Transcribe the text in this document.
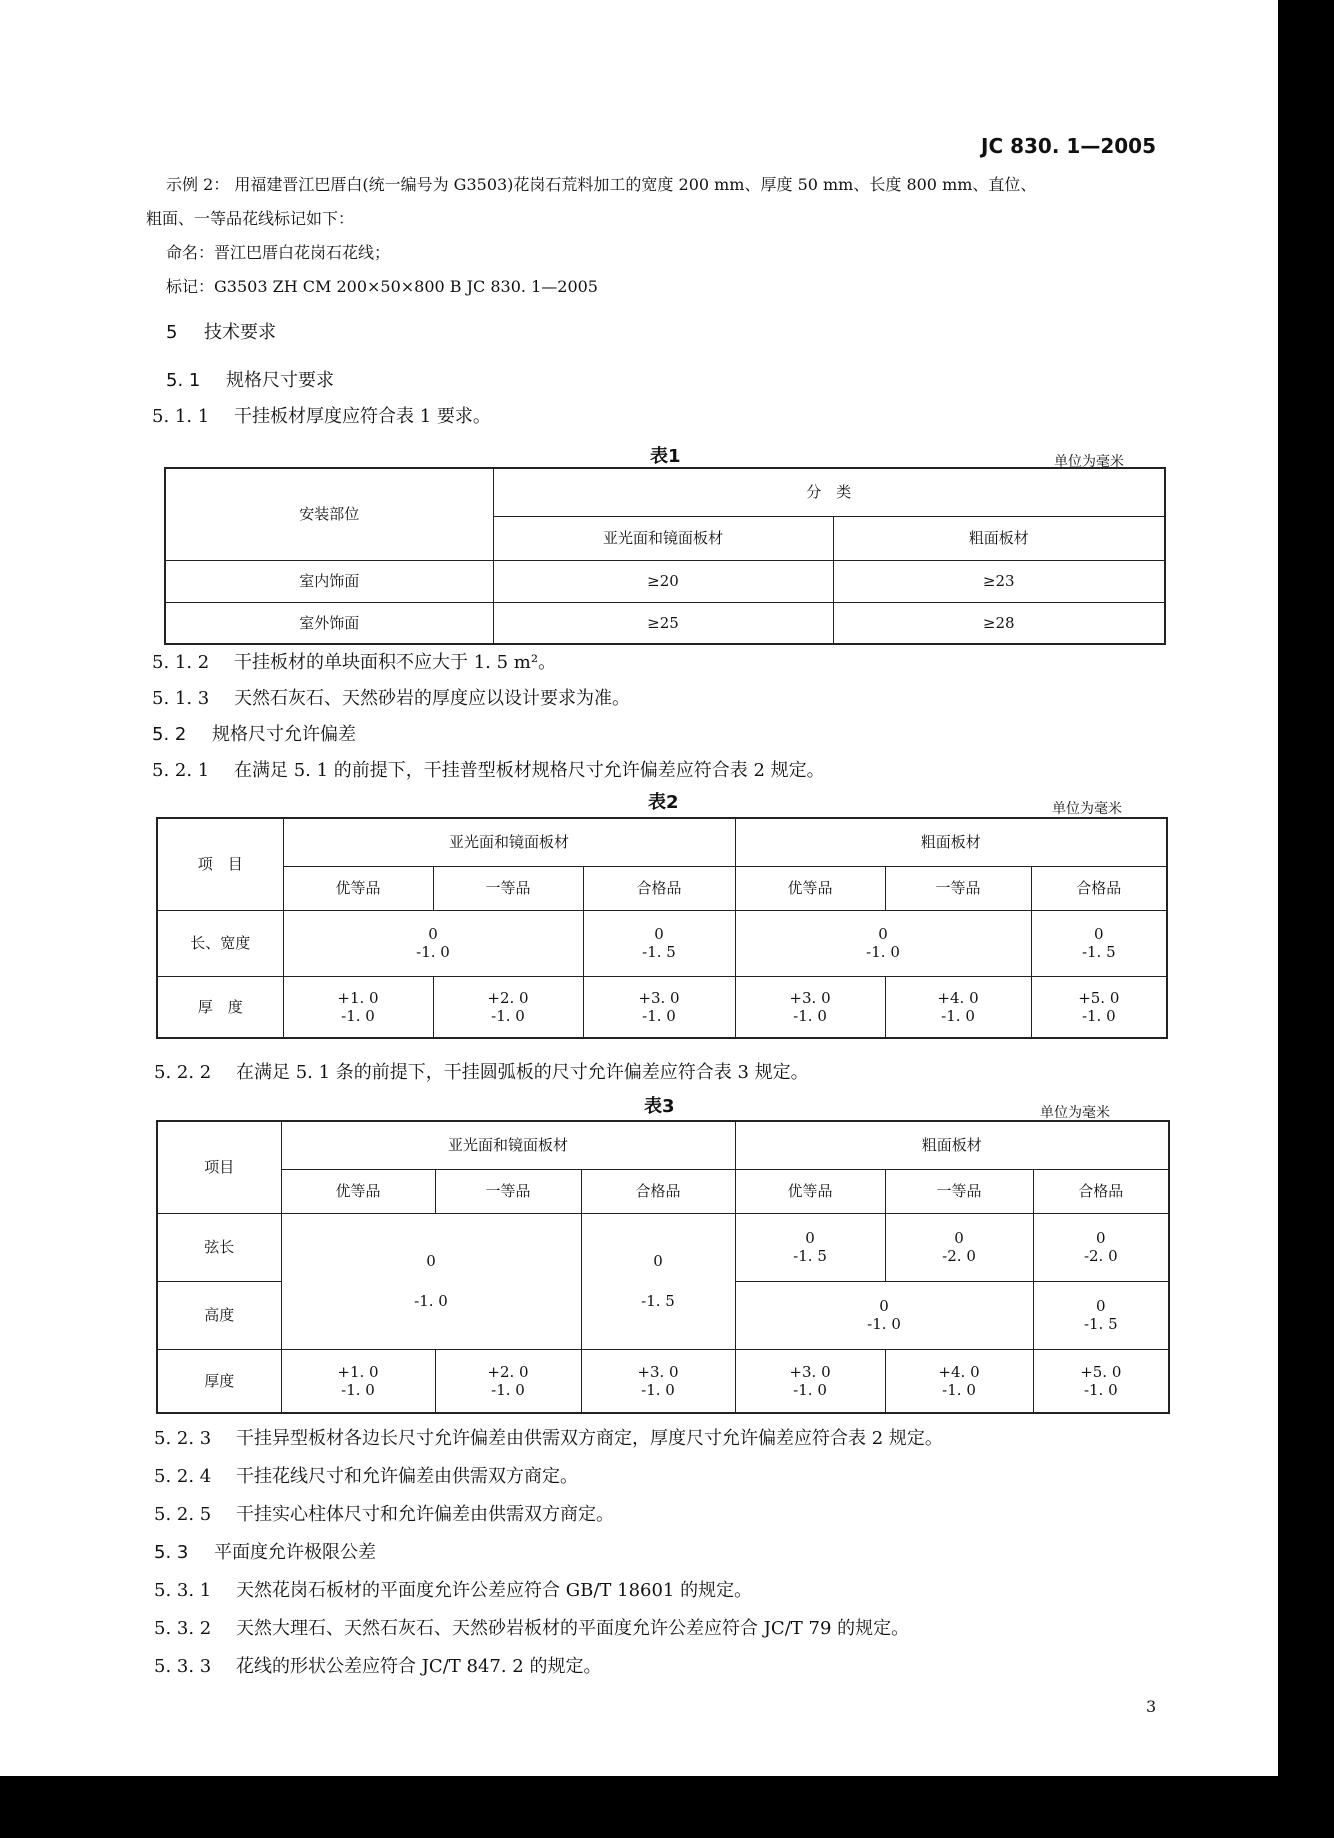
JC 830. 1—2005
示例 2： 用福建晋江巴厝白(统一编号为 G3503)花岗石荒料加工的宽度 200 mm、厚度 50 mm、长度 800 mm、直位、
粗面、一等品花线标记如下：
命名：晋江巴厝白花岗石花线；
标记：G3503 ZH CM 200×50×800 B JC 830. 1—2005
5 技术要求
5. 1 规格尺寸要求
5. 1. 1 干挂板材厚度应符合表 1 要求。
表1	单位为毫米
安装部位	分　类	
	亚光面和镜面板材	粗面板材
室内饰面	≥20	≥23
室外饰面	≥25	≥28
5. 1. 2 干挂板材的单块面积不应大于 1. 5 m²。
5. 1. 3 天然石灰石、天然砂岩的厚度应以设计要求为准。
5. 2 规格尺寸允许偏差
5. 2. 1 在满足 5. 1 的前提下，干挂普型板材规格尺寸允许偏差应符合表 2 规定。
表2	单位为毫米
项　目	亚光面和镜面板材			粗面板材		
	优等品	一等品	合格品	优等品	一等品	合格品
长、宽度	0
-1. 0		0
-1. 5	0
-1. 0		0
-1. 5

厚　度	+1. 0
-1. 0	+2. 0
-1. 0	+3. 0
-1. 0	+3. 0
-1. 0	+4. 0
-1. 0	+5. 0
-1. 0
5. 2. 2 在满足 5. 1 条的前提下，干挂圆弧板的尺寸允许偏差应符合表 3 规定。
表3	单位为毫米
项目	亚光面和镜面板材			粗面板材		
	优等品	一等品	合格品	优等品	一等品	合格品
弦长	0
-1. 0		0
-1. 5	0
-1. 5	0
-2. 0	0
-2. 0

高度				0
-1. 0		0
-1. 5

厚度	+1. 0
-1. 0	+2. 0
-1. 0	+3. 0
-1. 0	+3. 0
-1. 0	+4. 0
-1. 0	+5. 0
-1. 0
5. 2. 3 干挂异型板材各边长尺寸允许偏差由供需双方商定，厚度尺寸允许偏差应符合表 2 规定。
5. 2. 4 干挂花线尺寸和允许偏差由供需双方商定。
5. 2. 5 干挂实心柱体尺寸和允许偏差由供需双方商定。
5. 3 平面度允许极限公差
5. 3. 1 天然花岗石板材的平面度允许公差应符合 GB/T 18601 的规定。
5. 3. 2 天然大理石、天然石灰石、天然砂岩板材的平面度允许公差应符合 JC/T 79 的规定。
5. 3. 3 花线的形状公差应符合 JC/T 847. 2 的规定。
3
